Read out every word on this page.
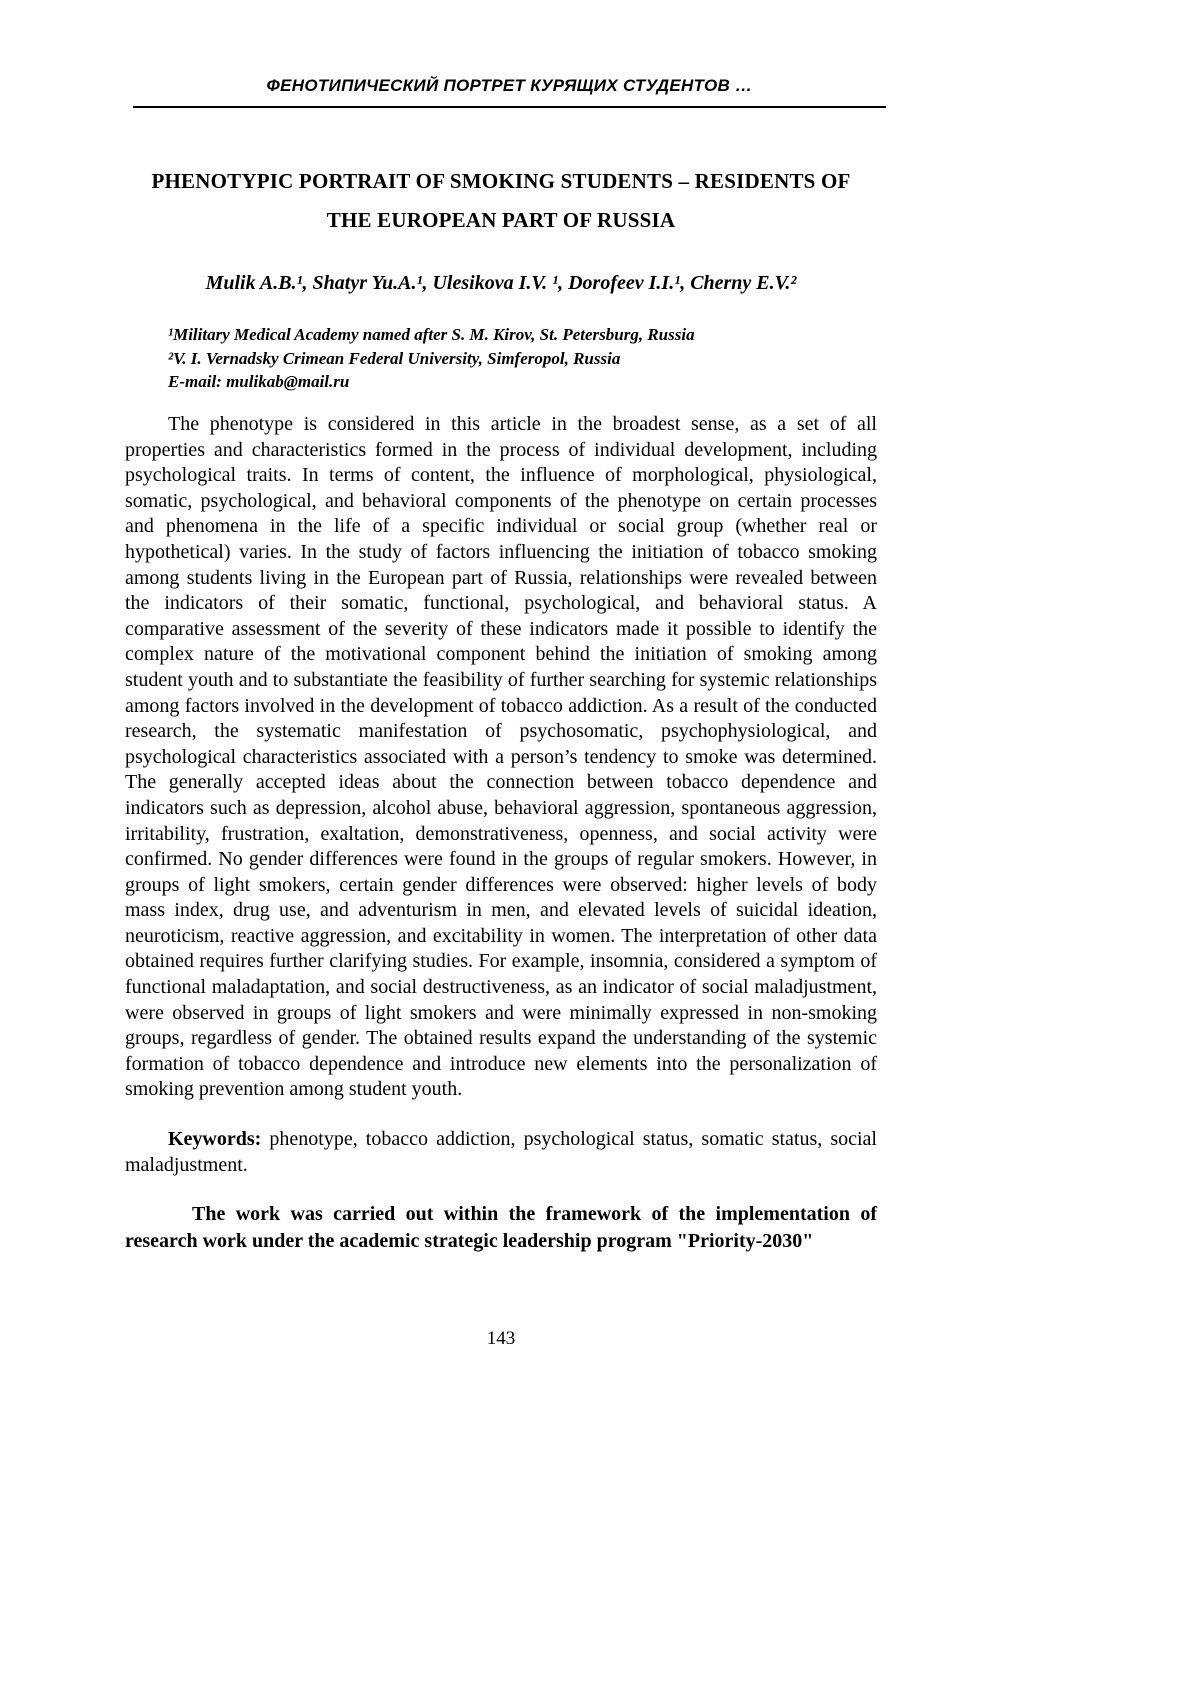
ФЕНОТИПИЧЕСКИЙ ПОРТРЕТ КУРЯЩИХ СТУДЕНТОВ …
PHENOTYPIC PORTRAIT OF SMOKING STUDENTS – RESIDENTS OF
THE EUROPEAN PART OF RUSSIA
Mulik A.B.¹, Shatyr Yu.A.¹, Ulesikova I.V. ¹, Dorofeev I.I.¹, Cherny E.V.²
¹Military Medical Academy named after S. M. Kirov, St. Petersburg, Russia
²V. I. Vernadsky Crimean Federal University, Simferopol, Russia
E-mail: mulikab@mail.ru
The phenotype is considered in this article in the broadest sense, as a set of all properties and characteristics formed in the process of individual development, including psychological traits. In terms of content, the influence of morphological, physiological, somatic, psychological, and behavioral components of the phenotype on certain processes and phenomena in the life of a specific individual or social group (whether real or hypothetical) varies. In the study of factors influencing the initiation of tobacco smoking among students living in the European part of Russia, relationships were revealed between the indicators of their somatic, functional, psychological, and behavioral status. A comparative assessment of the severity of these indicators made it possible to identify the complex nature of the motivational component behind the initiation of smoking among student youth and to substantiate the feasibility of further searching for systemic relationships among factors involved in the development of tobacco addiction. As a result of the conducted research, the systematic manifestation of psychosomatic, psychophysiological, and psychological characteristics associated with a person’s tendency to smoke was determined. The generally accepted ideas about the connection between tobacco dependence and indicators such as depression, alcohol abuse, behavioral aggression, spontaneous aggression, irritability, frustration, exaltation, demonstrativeness, openness, and social activity were confirmed. No gender differences were found in the groups of regular smokers. However, in groups of light smokers, certain gender differences were observed: higher levels of body mass index, drug use, and adventurism in men, and elevated levels of suicidal ideation, neuroticism, reactive aggression, and excitability in women. The interpretation of other data obtained requires further clarifying studies. For example, insomnia, considered a symptom of functional maladaptation, and social destructiveness, as an indicator of social maladjustment, were observed in groups of light smokers and were minimally expressed in non-smoking groups, regardless of gender. The obtained results expand the understanding of the systemic formation of tobacco dependence and introduce new elements into the personalization of smoking prevention among student youth.
Keywords: phenotype, tobacco addiction, psychological status, somatic status, social maladjustment.
The work was carried out within the framework of the implementation of research work under the academic strategic leadership program "Priority-2030"
143
